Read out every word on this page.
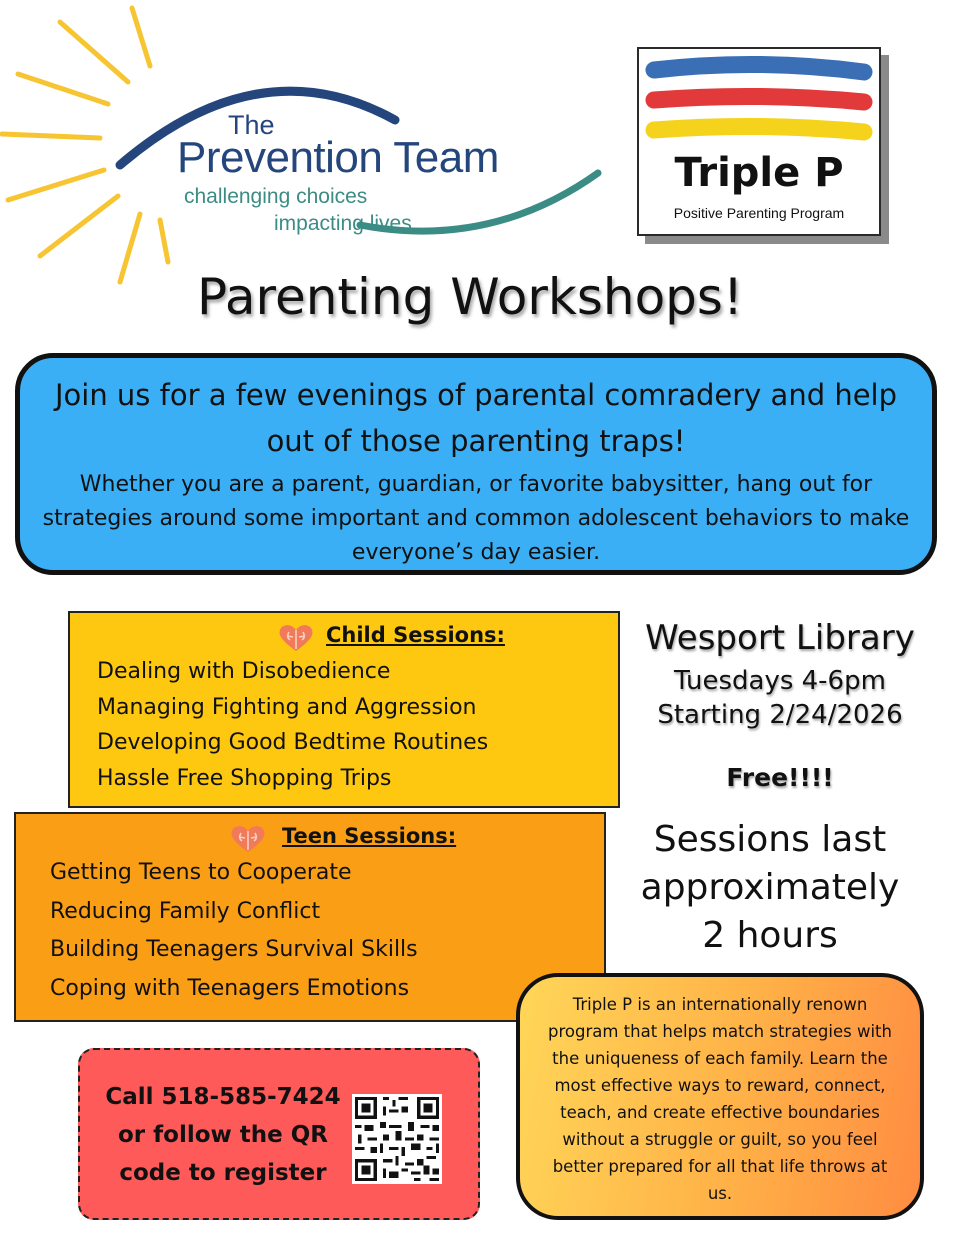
The
Prevention Team
challenging choices
impacting lives
Triple P
Positive Parenting Program
Parenting Workshops!
Join us for a few evenings of parental comradery and help out of those parenting traps!
Whether you are a parent, guardian, or favorite babysitter, hang out for strategies around some important and common adolescent behaviors to make everyone’s day easier.
Child Sessions:
Dealing with Disobedience
Managing Fighting and Aggression
Developing Good Bedtime Routines
Hassle Free Shopping Trips
Teen Sessions:
Getting Teens to Cooperate
Reducing Family Conflict
Building Teenagers Survival Skills
Coping with Teenagers Emotions
Wesport Library
Tuesdays 4-6pm
Starting 2/24/2026
Free!!!!
Sessions last
approximately
2 hours
Call 518-585-7424
or follow the QR
code to register
Triple P is an internationally renown program that helps match strategies with the uniqueness of each family. Learn the most effective ways to reward, connect, teach, and create effective boundaries without a struggle or guilt, so you feel better prepared for all that life throws at us.
